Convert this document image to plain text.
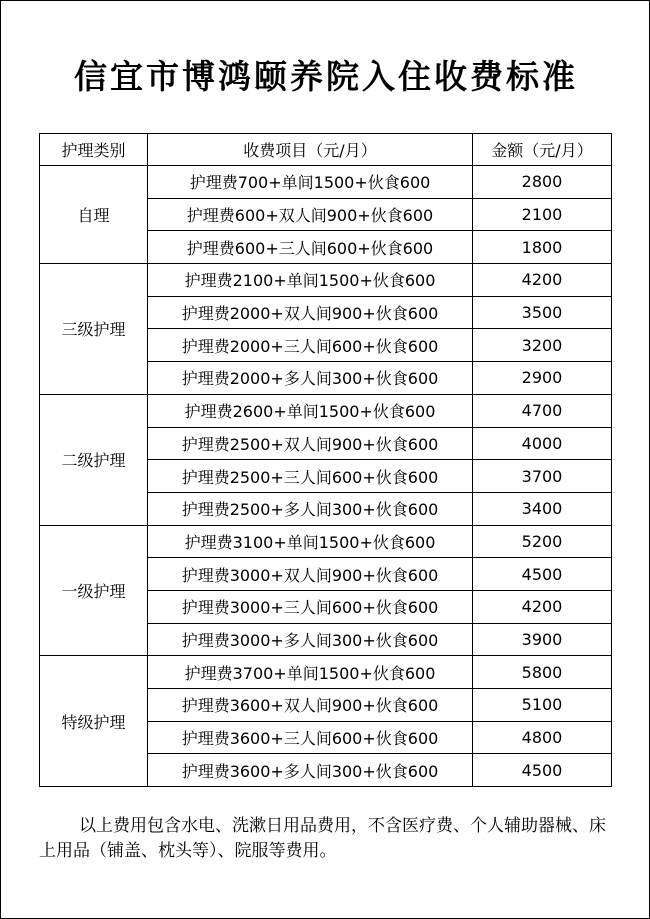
信宜市博鸿颐养院入住收费标准
护理类别	收费项目（元/月）	金额（元/月）
自理	护理费700+单间1500+伙食600	2800
	护理费600+双人间900+伙食600	2100
	护理费600+三人间600+伙食600	1800
三级护理	护理费2100+单间1500+伙食600	4200
	护理费2000+双人间900+伙食600	3500
	护理费2000+三人间600+伙食600	3200
	护理费2000+多人间300+伙食600	2900
二级护理	护理费2600+单间1500+伙食600	4700
	护理费2500+双人间900+伙食600	4000
	护理费2500+三人间600+伙食600	3700
	护理费2500+多人间300+伙食600	3400
一级护理	护理费3100+单间1500+伙食600	5200
	护理费3000+双人间900+伙食600	4500
	护理费3000+三人间600+伙食600	4200
	护理费3000+多人间300+伙食600	3900
特级护理	护理费3700+单间1500+伙食600	5800
	护理费3600+双人间900+伙食600	5100
	护理费3600+三人间600+伙食600	4800
	护理费3600+多人间300+伙食600	4500
以上费用包含水电、洗漱日用品费用，不含医疗费、个人辅助器械、床上用品（铺盖、枕头等）、院服等费用。
